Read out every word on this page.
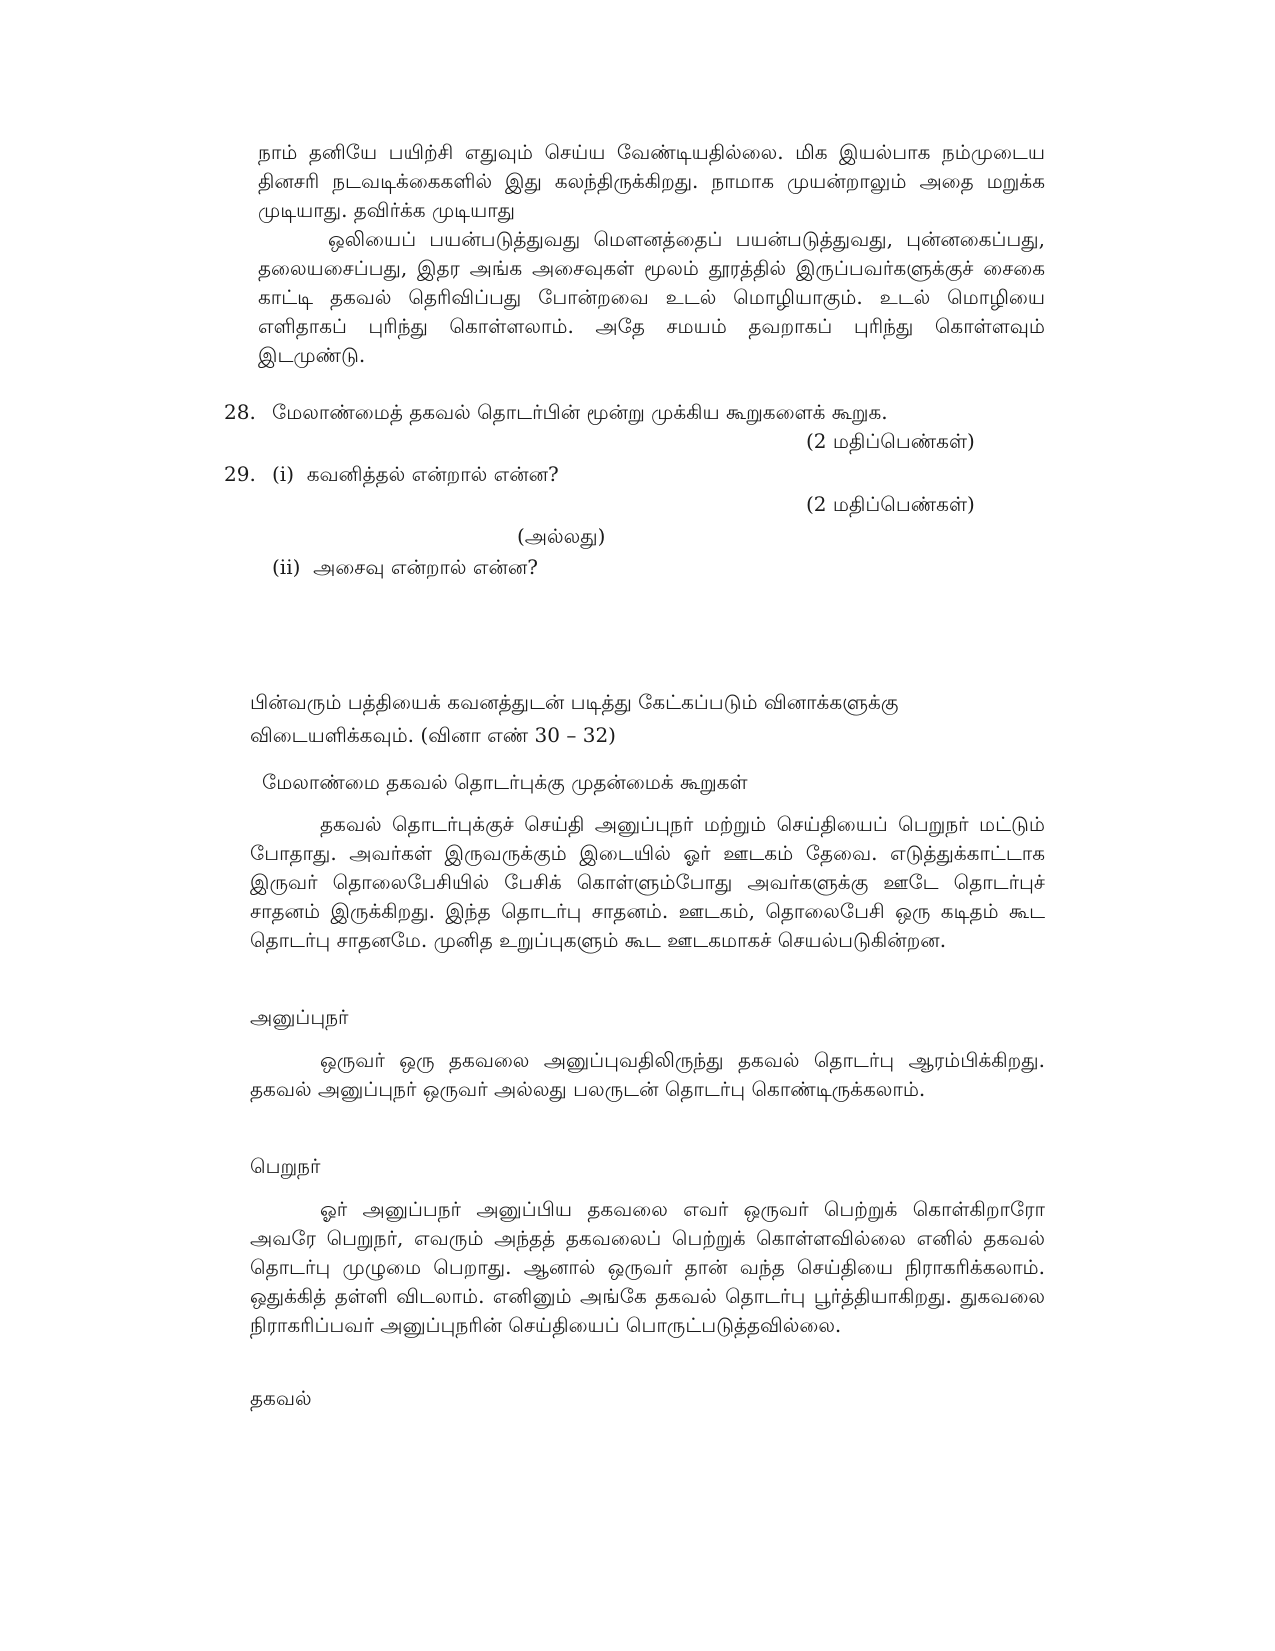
நாம் தனியே பயிற்சி எதுவும் செய்ய வேண்டியதில்லை. மிக இயல்பாக நம்முடைய தினசரி நடவடிக்கைகளில் இது கலந்திருக்கிறது. நாமாக முயன்றாலும் அதை மறுக்க முடியாது. தவிர்க்க முடியாது

ஒலியைப் பயன்படுத்துவது மௌனத்தைப் பயன்படுத்துவது, புன்னகைப்பது, தலையசைப்பது, இதர அங்க அசைவுகள் மூலம் தூரத்தில் இருப்பவர்களுக்குச் சைகை காட்டி தகவல் தெரிவிப்பது போன்றவை உடல் மொழியாகும். உடல் மொழியை எளிதாகப் புரிந்து கொள்ளலாம். அதே சமயம் தவறாகப் புரிந்து கொள்ளவும் இடமுண்டு.

28. மேலாண்மைத் தகவல் தொடர்பின் மூன்று முக்கிய கூறுகளைக் கூறுக.
(2 மதிப்பெண்கள்)
29. (i) கவனித்தல் என்றால் என்ன?
(2 மதிப்பெண்கள்)
(அல்லது)
(ii) அசைவு என்றால் என்ன?

பின்வரும் பத்தியைக் கவனத்துடன் படித்து கேட்கப்படும் வினாக்களுக்கு விடையளிக்கவும். (வினா எண் 30 – 32)

மேலாண்மை தகவல் தொடர்புக்கு முதன்மைக் கூறுகள்

தகவல் தொடர்புக்குச் செய்தி அனுப்புநர் மற்றும் செய்தியைப் பெறுநர் மட்டும் போதாது. அவர்கள் இருவருக்கும் இடையில் ஓர் ஊடகம் தேவை. எடுத்துக்காட்டாக இருவர் தொலைபேசியில் பேசிக் கொள்ளும்போது அவர்களுக்கு ஊடே தொடர்புச் சாதனம் இருக்கிறது. இந்த தொடர்பு சாதனம். ஊடகம், தொலைபேசி ஒரு கடிதம் கூட தொடர்பு சாதனமே. முனித உறுப்புகளும் கூட ஊடகமாகச் செயல்படுகின்றன.

அனுப்புநர்

ஒருவர் ஒரு தகவலை அனுப்புவதிலிருந்து தகவல் தொடர்பு ஆரம்பிக்கிறது. தகவல் அனுப்புநர் ஒருவர் அல்லது பலருடன் தொடர்பு கொண்டிருக்கலாம்.

பெறுநர்

ஓர் அனுப்பநர் அனுப்பிய தகவலை எவர் ஒருவர் பெற்றுக் கொள்கிறாரோ அவரே பெறுநர், எவரும் அந்தத் தகவலைப் பெற்றுக் கொள்ளவில்லை எனில் தகவல் தொடர்பு முழுமை பெறாது. ஆனால் ஒருவர் தான் வந்த செய்தியை நிராகரிக்கலாம். ஒதுக்கித் தள்ளி விடலாம். எனினும் அங்கே தகவல் தொடர்பு பூர்த்தியாகிறது. துகவலை நிராகரிப்பவர் அனுப்புநரின் செய்தியைப் பொருட்படுத்தவில்லை.

தகவல்
